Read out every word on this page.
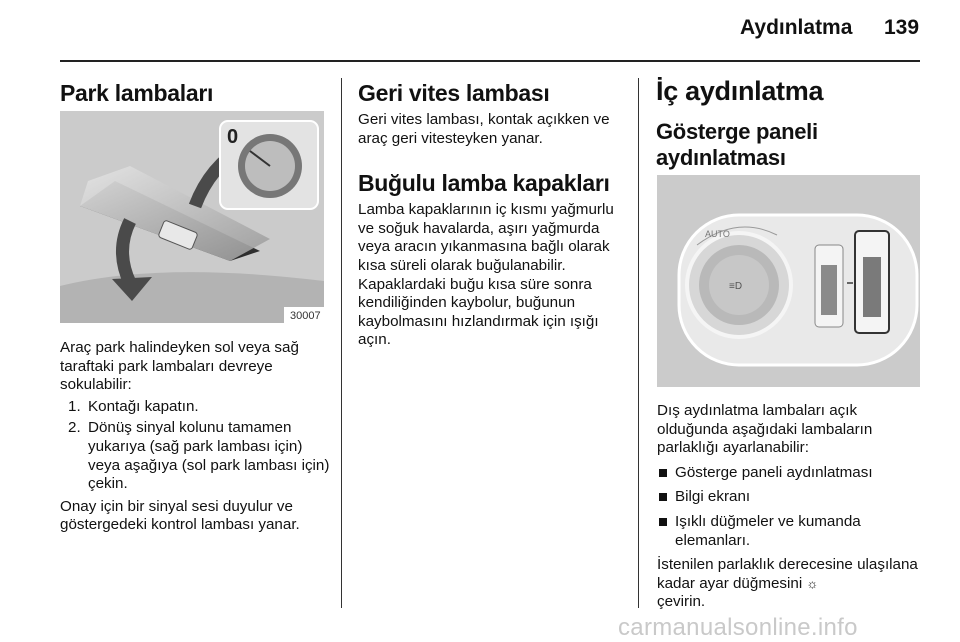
Aydınlatma 139
Park lambaları
0
30007

Araç park halindeyken sol veya sağ taraftaki park lambaları devreye sokulabilir:

1. Kontağı kapatın.
2. Dönüş sinyal kolunu tamamen yukarıya (sağ park lambası için) veya aşağıya (sol park lambası için) çekin.

Onay için bir sinyal sesi duyulur ve göstergedeki kontrol lambası yanar.

Geri vites lambası

Geri vites lambası, kontak açıkken ve araç geri vitesteyken yanar.

Buğulu lamba kapakları

Lamba kapaklarının iç kısmı yağmurlu ve soğuk havalarda, aşırı yağmurda veya aracın yıkanmasına bağlı olarak kısa süreli olarak buğulanabilir. Kapaklardaki buğu kısa süre sonra kendiliğinden kaybolur, buğunun kaybolmasını hızlandırmak için ışığı açın.

İç aydınlatma
Gösterge paneli aydınlatması
≡D
AUTO

Dış aydınlatma lambaları açık olduğunda aşağıdaki lambaların parlaklığı ayarlanabilir:

Gösterge paneli aydınlatması
Bilgi ekranı
Işıklı düğmeler ve kumanda elemanları.

İstenilen parlaklık derecesine ulaşılana kadar ayar düğmesini ☼
çevirin.

carmanualsonline.info
